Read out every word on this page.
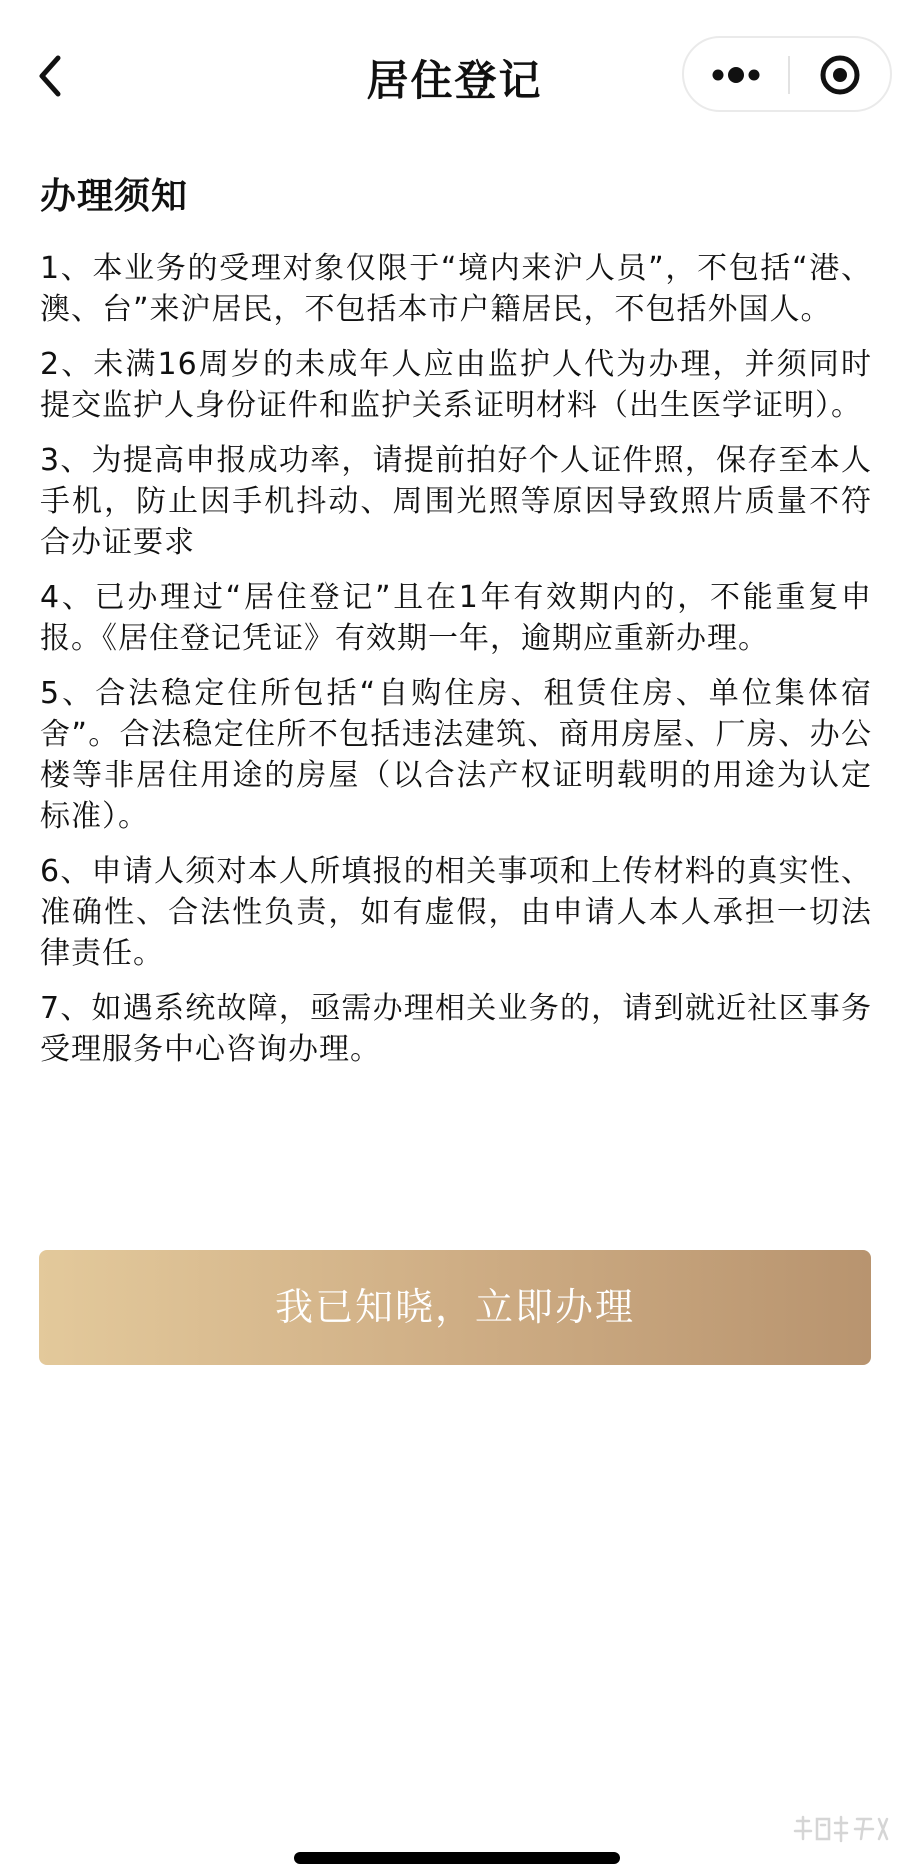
居住登记
办理须知
1、本业务的受理对象仅限于“境内来沪人员”，不包括“港、澳、台”来沪居民，不包括本市户籍居民，不包括外国人。
2、未满16周岁的未成年人应由监护人代为办理，并须同时提交监护人身份证件和监护关系证明材料（出生医学证明）。
3、为提高申报成功率，请提前拍好个人证件照，保存至本人手机，防止因手机抖动、周围光照等原因导致照片质量不符合办证要求
4、已办理过“居住登记”且在1年有效期内的，不能重复申报。《居住登记凭证》有效期一年，逾期应重新办理。
5、合法稳定住所包括“自购住房、租赁住房、单位集体宿舍”。合法稳定住所不包括违法建筑、商用房屋、厂房、办公楼等非居住用途的房屋（以合法产权证明载明的用途为认定标准）。
6、申请人须对本人所填报的相关事项和上传材料的真实性、准确性、合法性负责，如有虚假，由申请人本人承担一切法律责任。
7、如遇系统故障，亟需办理相关业务的，请到就近社区事务受理服务中心咨询办理。
我已知晓，立即办理
